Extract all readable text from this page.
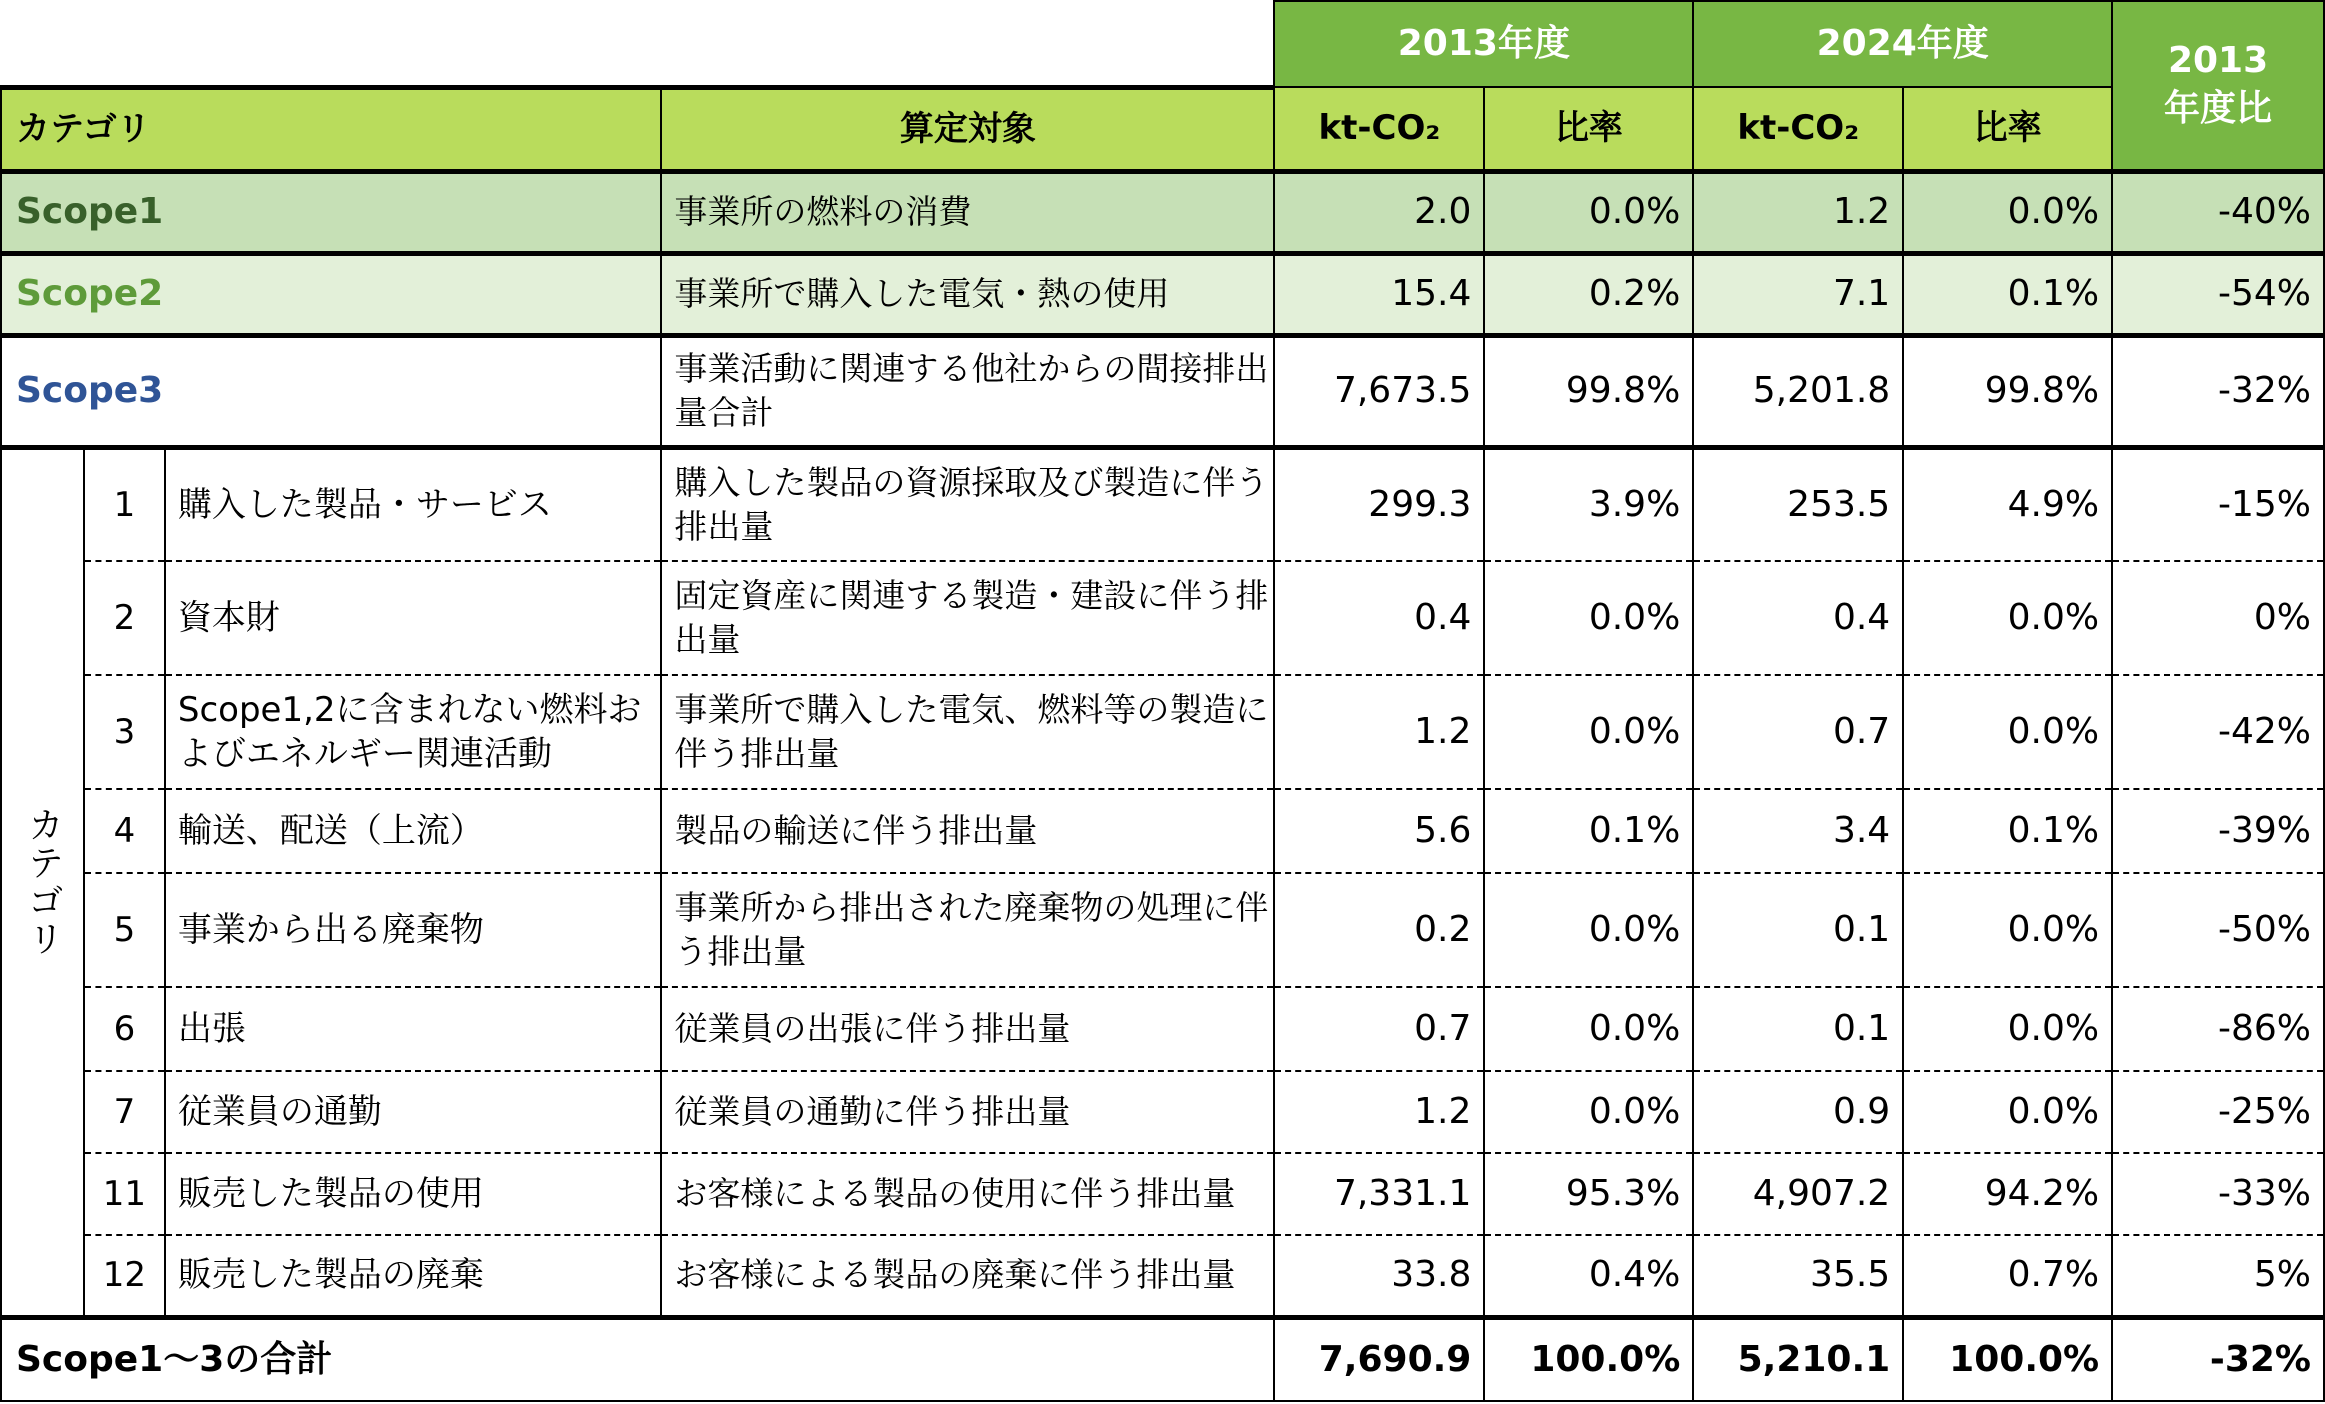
				2013年度		2024年度		2013
年度比

カテゴリ			算定対象	kt-CO₂	比率	kt-CO₂	比率	
Scope1			事業所の燃料の消費	2.0	0.0%	1.2	0.0%	-40%
Scope2			事業所で購入した電気・熱の使用	15.4	0.2%	7.1	0.1%	-54%
Scope3			事業活動に関連する他社からの間接排出量合計	7,673.5	99.8%	5,201.8	99.8%	-32%
カテゴリ	1	購入した製品・サービス	購入した製品の資源採取及び製造に伴う排出量	299.3	3.9%	253.5	4.9%	-15%
	2	資本財	固定資産に関連する製造・建設に伴う排出量	0.4	0.0%	0.4	0.0%	0%
	3	Scope1,2に含まれない燃料およびエネルギー関連活動	事業所で購入した電気、燃料等の製造に伴う排出量	1.2	0.0%	0.7	0.0%	-42%
	4	輸送、配送（上流）	製品の輸送に伴う排出量	5.6	0.1%	3.4	0.1%	-39%
	5	事業から出る廃棄物	事業所から排出された廃棄物の処理に伴う排出量	0.2	0.0%	0.1	0.0%	-50%
	6	出張	従業員の出張に伴う排出量	0.7	0.0%	0.1	0.0%	-86%
	7	従業員の通勤	従業員の通勤に伴う排出量	1.2	0.0%	0.9	0.0%	-25%
	11	販売した製品の使用	お客様による製品の使用に伴う排出量	7,331.1	95.3%	4,907.2	94.2%	-33%
	12	販売した製品の廃棄	お客様による製品の廃棄に伴う排出量	33.8	0.4%	35.5	0.7%	5%
Scope1～3の合計				7,690.9	100.0%	5,210.1	100.0%	-32%
